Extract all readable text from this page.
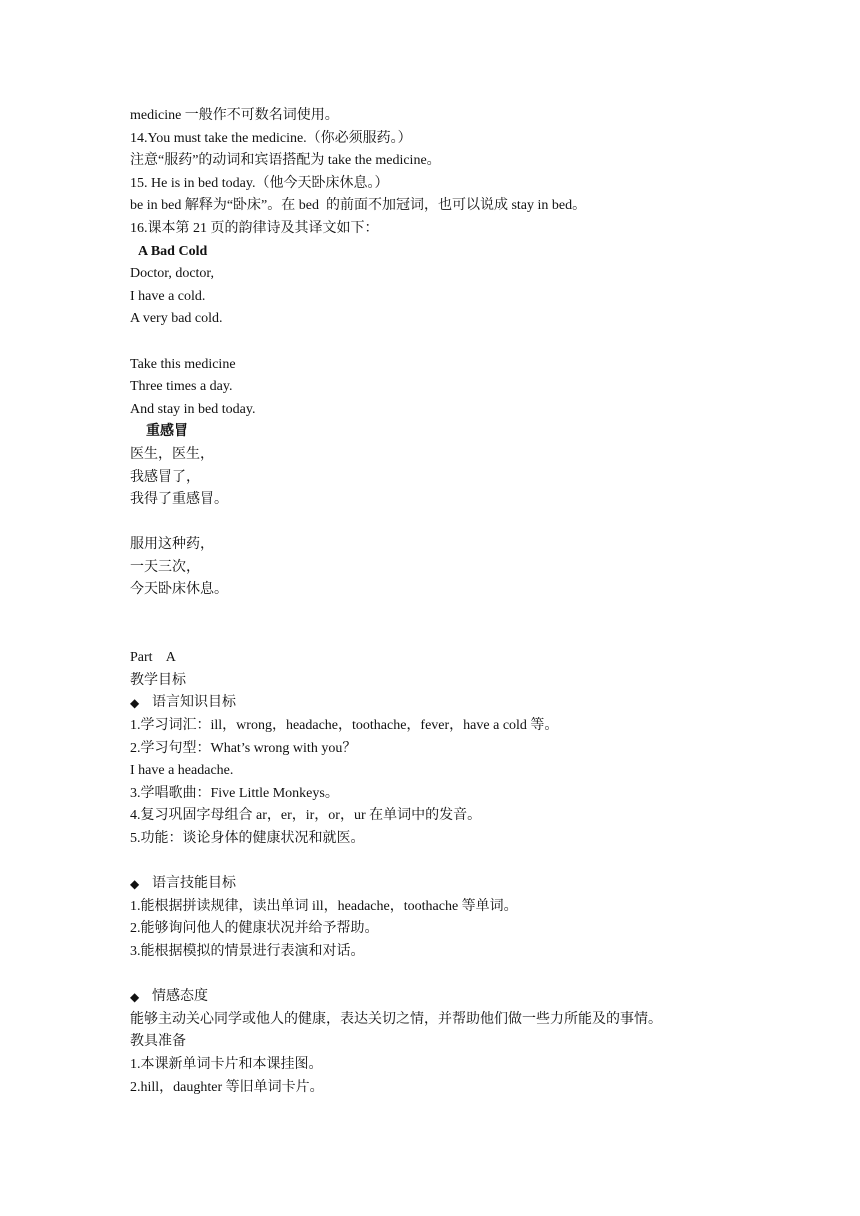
medicine 一般作不可数名词使用。
14.You must take the medicine.（你必须服药。）
注意“服药”的动词和宾语搭配为 take the medicine。
15. He is in bed today.（他今天卧床休息。）
be in bed 解释为“卧床”。在 bed  的前面不加冠词，也可以说成 stay in bed。
16.课本第 21 页的韵律诗及其译文如下：
A Bad Cold
Doctor, doctor,
I have a cold.
A very bad cold.
Take this medicine
Three times a day.
And stay in bed today.
重感冒
医生，医生，
我感冒了，
我得了重感冒。
服用这种药，
一天三次，
今天卧床休息。
Part    A
教学目标
◆ 语言知识目标
1.学习词汇：ill，wrong，headache，toothache，fever，have a cold 等。
2.学习句型：What’s wrong with you？
I have a headache.
3.学唱歌曲：Five Little Monkeys。
4.复习巩固字母组合 ar，er，ir，or，ur 在单词中的发音。
5.功能：谈论身体的健康状况和就医。
◆ 语言技能目标
1.能根据拼读规律，读出单词 ill，headache，toothache 等单词。
2.能够询问他人的健康状况并给予帮助。
3.能根据模拟的情景进行表演和对话。
◆ 情感态度
能够主动关心同学或他人的健康，表达关切之情，并帮助他们做一些力所能及的事情。
教具准备
1.本课新单词卡片和本课挂图。
2.hill，daughter 等旧单词卡片。
